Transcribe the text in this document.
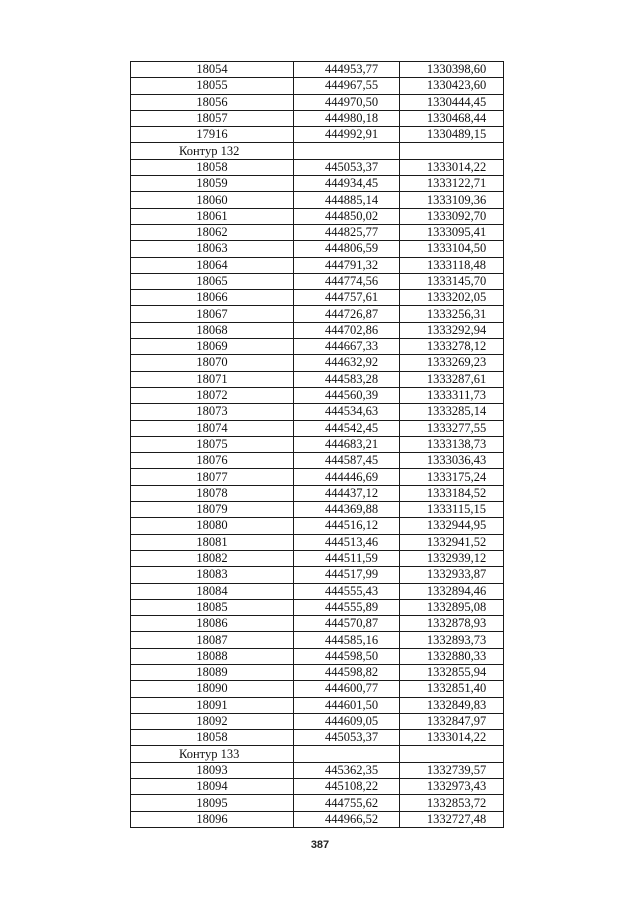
18054	444953,77	1330398,60
18055	444967,55	1330423,60
18056	444970,50	1330444,45
18057	444980,18	1330468,44
17916	444992,91	1330489,15
Контур 132		
18058	445053,37	1333014,22
18059	444934,45	1333122,71
18060	444885,14	1333109,36
18061	444850,02	1333092,70
18062	444825,77	1333095,41
18063	444806,59	1333104,50
18064	444791,32	1333118,48
18065	444774,56	1333145,70
18066	444757,61	1333202,05
18067	444726,87	1333256,31
18068	444702,86	1333292,94
18069	444667,33	1333278,12
18070	444632,92	1333269,23
18071	444583,28	1333287,61
18072	444560,39	1333311,73
18073	444534,63	1333285,14
18074	444542,45	1333277,55
18075	444683,21	1333138,73
18076	444587,45	1333036,43
18077	444446,69	1333175,24
18078	444437,12	1333184,52
18079	444369,88	1333115,15
18080	444516,12	1332944,95
18081	444513,46	1332941,52
18082	444511,59	1332939,12
18083	444517,99	1332933,87
18084	444555,43	1332894,46
18085	444555,89	1332895,08
18086	444570,87	1332878,93
18087	444585,16	1332893,73
18088	444598,50	1332880,33
18089	444598,82	1332855,94
18090	444600,77	1332851,40
18091	444601,50	1332849,83
18092	444609,05	1332847,97
18058	445053,37	1333014,22
Контур 133		
18093	445362,35	1332739,57
18094	445108,22	1332973,43
18095	444755,62	1332853,72
18096	444966,52	1332727,48
387
